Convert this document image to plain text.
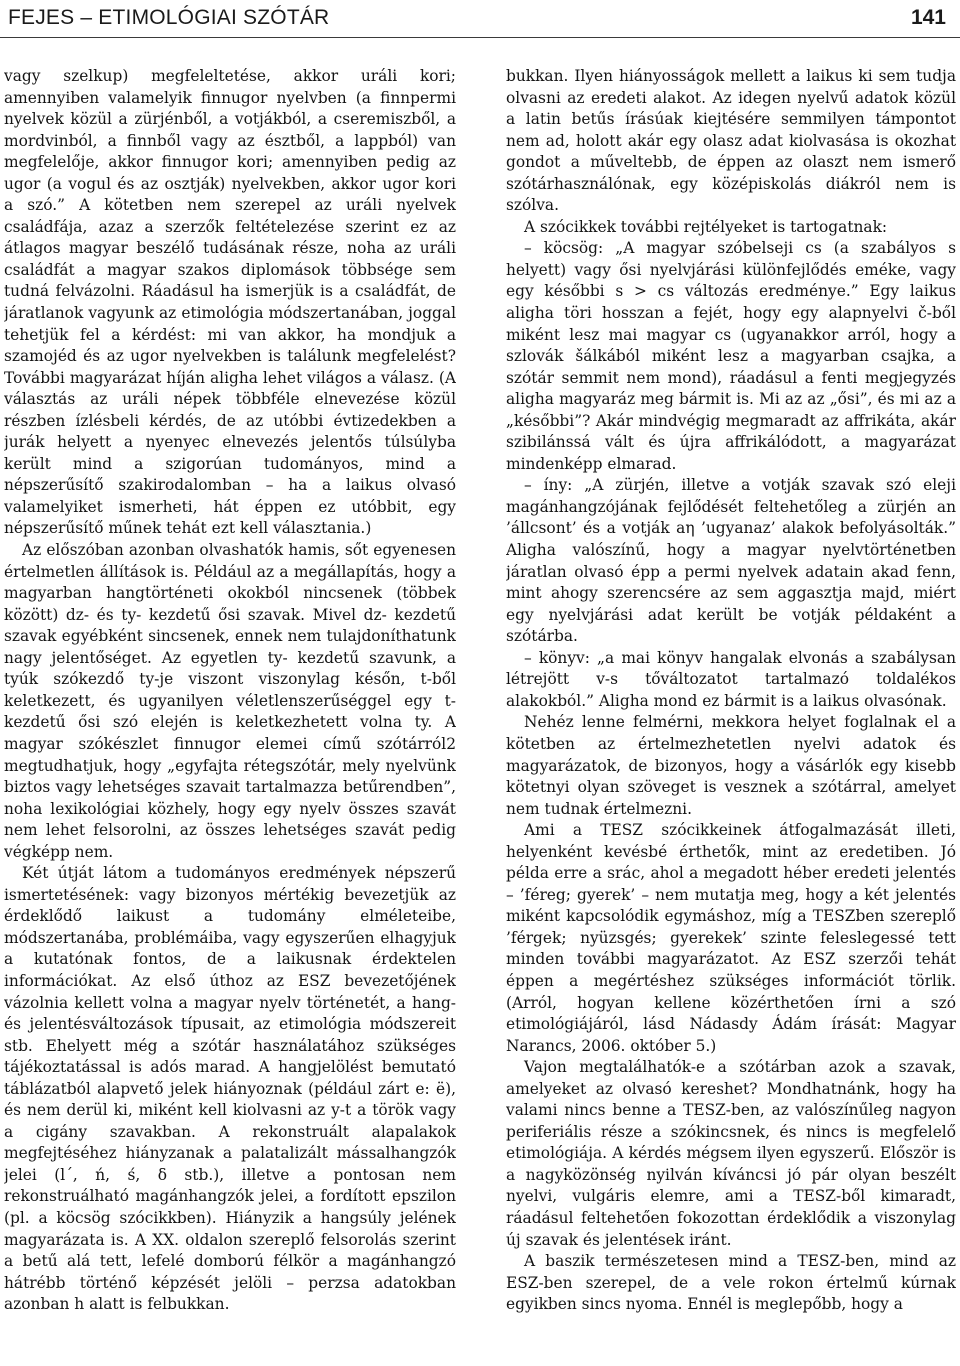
FEJES – ETIMOLÓGIAI SZÓTÁR	141

vagy szelkup) megfeleltetése, akkor uráli kori; amennyiben valamelyik finnugor nyelvben (a finnpermi nyelvek közül a zürjénből, a votjákból, a cseremiszből, a mordvinból, a finnből vagy az észtből, a lappból) van megfelelője, akkor finnugor kori; amennyiben pedig az ugor (a vogul és az osztják) nyelvekben, akkor ugor kori a szó.” A kötetben nem szerepel az uráli nyelvek családfája, azaz a szerzők feltételezése szerint ez az átlagos magyar beszélő tudásának része, noha az uráli családfát a magyar szakos diplomások többsége sem tudná felvázolni. Ráadásul ha ismerjük is a családfát, de járatlanok vagyunk az etimológia módszertanában, joggal tehetjük fel a kérdést: mi van akkor, ha mondjuk a szamojéd és az ugor nyelvekben is találunk megfelelést? További magyarázat híján aligha lehet világos a válasz. (A választás az uráli népek többféle elnevezése közül részben ízlésbeli kérdés, de az utóbbi évtizedekben a jurák helyett a nyenyec elnevezés jelentős túlsúlyba került mind a szigorúan tudományos, mind a népszerűsítő szakirodalomban – ha a laikus olvasó valamelyiket ismerheti, hát éppen ez utóbbit, egy népszerűsítő műnek tehát ezt kell választania.)

Az előszóban azonban olvashatók hamis, sőt egyenesen értelmetlen állítások is. Például az a megállapítás, hogy a magyarban hangtörténeti okokból nincsenek (többek között) dz- és ty- kezdetű ősi szavak. Mivel dz- kezdetű szavak egyébként sincsenek, ennek nem tulajdoníthatunk nagy jelentőséget. Az egyetlen ty- kezdetű szavunk, a tyúk szókezdő ty-je viszont viszonylag későn, t-ből keletkezett, és ugyanilyen véletlenszerűséggel egy t- kezdetű ősi szó elején is keletkezhetett volna ty. A magyar szókészlet finnugor elemei című szótárról2 megtudhatjuk, hogy „egyfajta rétegszótár, mely nyelvünk biztos vagy lehetséges szavait tartalmazza betűrendben”, noha lexikológiai közhely, hogy egy nyelv összes szavát nem lehet felsorolni, az összes lehetséges szavát pedig végképp nem.

Két útját látom a tudományos eredmények népszerű ismertetésének: vagy bizonyos mértékig bevezetjük az érdeklődő laikust a tudomány elméleteibe, módszertanába, problémáiba, vagy egyszerűen elhagyjuk a kutatónak fontos, de a laikusnak érdektelen információkat. Az első úthoz az ESZ bevezetőjének vázolnia kellett volna a magyar nyelv történetét, a hang- és jelentésváltozások típusait, az etimológia módszereit stb. Ehelyett még a szótár használatához szükséges tájékoztatással is adós marad. A hangjelölést bemutató táblázatból alapvető jelek hiányoznak (például zárt e: ë), és nem derül ki, miként kell kiolvasni az y-t a török vagy a cigány szavakban. A rekonstruált alapalakok megfejtéséhez hiányzanak a palatalizált mássalhangzók jelei (l´, ń, ś, δ stb.), illetve a pontosan nem rekonstruálható magánhangzók jelei, a fordított epszilon (pl. a köcsög szócikkben). Hiányzik a hangsúly jelének magyarázata is. A XX. oldalon szereplő felsorolás szerint a betű alá tett, lefelé domború félkör a magánhangzó hátrébb történő képzését jelöli – perzsa adatokban azonban h alatt is felbukkan.

bukkan. Ilyen hiányosságok mellett a laikus ki sem tudja olvasni az eredeti alakot. Az idegen nyelvű adatok közül a latin betűs írásúak kiejtésére semmilyen támpontot nem ad, holott akár egy olasz adat kiolvasása is okozhat gondot a műveltebb, de éppen az olaszt nem ismerő szótárhasználónak, egy középiskolás diákról nem is szólva.

A szócikkek további rejtélyeket is tartogatnak:

– köcsög: „A magyar szóbelseji cs (a szabályos s helyett) vagy ősi nyelvjárási különfejlődés eméke, vagy egy későbbi s > cs változás eredménye.” Egy laikus aligha töri hosszan a fejét, hogy egy alapnyelvi č-ből miként lesz mai magyar cs (ugyanakkor arról, hogy a szlovák šálkából miként lesz a magyarban csajka, a szótár semmit nem mond), ráadásul a fenti megjegyzés aligha magyaráz meg bármit is. Mi az az „ősi”, és mi az a „későbbi”? Akár mindvégig megmaradt az affrikáta, akár szibilánssá vált és újra affrikálódott, a magyarázat mindenképp elmarad.

– íny: „A zürjén, illetve a votják szavak szó eleji magánhangzójának fejlődését feltehetőleg a zürjén an ’állcsont’ és a votják aη ’ugyanaz’ alakok befolyásolták.” Aligha valószínű, hogy a magyar nyelvtörténetben járatlan olvasó épp a permi nyelvek adatain akad fenn, mint ahogy szerencsére az sem aggasztja majd, miért egy nyelvjárási adat került be votják példaként a szótárba.

– könyv: „a mai könyv hangalak elvonás a szabálysan létrejött v-s tőváltozatot tartalmazó toldalékos alakokból.” Aligha mond ez bármit is a laikus olvasónak.

Nehéz lenne felmérni, mekkora helyet foglalnak el a kötetben az értelmezhetetlen nyelvi adatok és magyarázatok, de bizonyos, hogy a vásárlók egy kisebb kötetnyi olyan szöveget is vesznek a szótárral, amelyet nem tudnak értelmezni.

Ami a TESZ szócikkeinek átfogalmazását illeti, helyenként kevésbé érthetők, mint az eredetiben. Jó példa erre a srác, ahol a megadott héber eredeti jelentés – ’féreg; gyerek’ – nem mutatja meg, hogy a két jelentés miként kapcsolódik egymáshoz, míg a TESZben szereplő ’férgek; nyüzsgés; gyerekek’ szinte feleslegessé tett minden további magyarázatot. Az ESZ szerzői tehát éppen a megértéshez szükséges információt törlik. (Arról, hogyan kellene közérthetően írni a szó etimológiájáról, lásd Nádasdy Ádám írását: Magyar Narancs, 2006. október 5.)

Vajon megtalálhatók-e a szótárban azok a szavak, amelyeket az olvasó kereshet? Mondhatnánk, hogy ha valami nincs benne a TESZ-ben, az valószínűleg nagyon periferiális része a szókincsnek, és nincs is megfelelő etimológiája. A kérdés mégsem ilyen egyszerű. Először is a nagyközönség nyilván kíváncsi jó pár olyan beszélt nyelvi, vulgáris elemre, ami a TESZ-ből kimaradt, ráadásul feltehetően fokozottan érdeklődik a viszonylag új szavak és jelentések iránt.

A baszik természetesen mind a TESZ-ben, mind az ESZ-ben szerepel, de a vele rokon értelmű kúrnak egyikben sincs nyoma. Ennél is meglepőbb, hogy a
